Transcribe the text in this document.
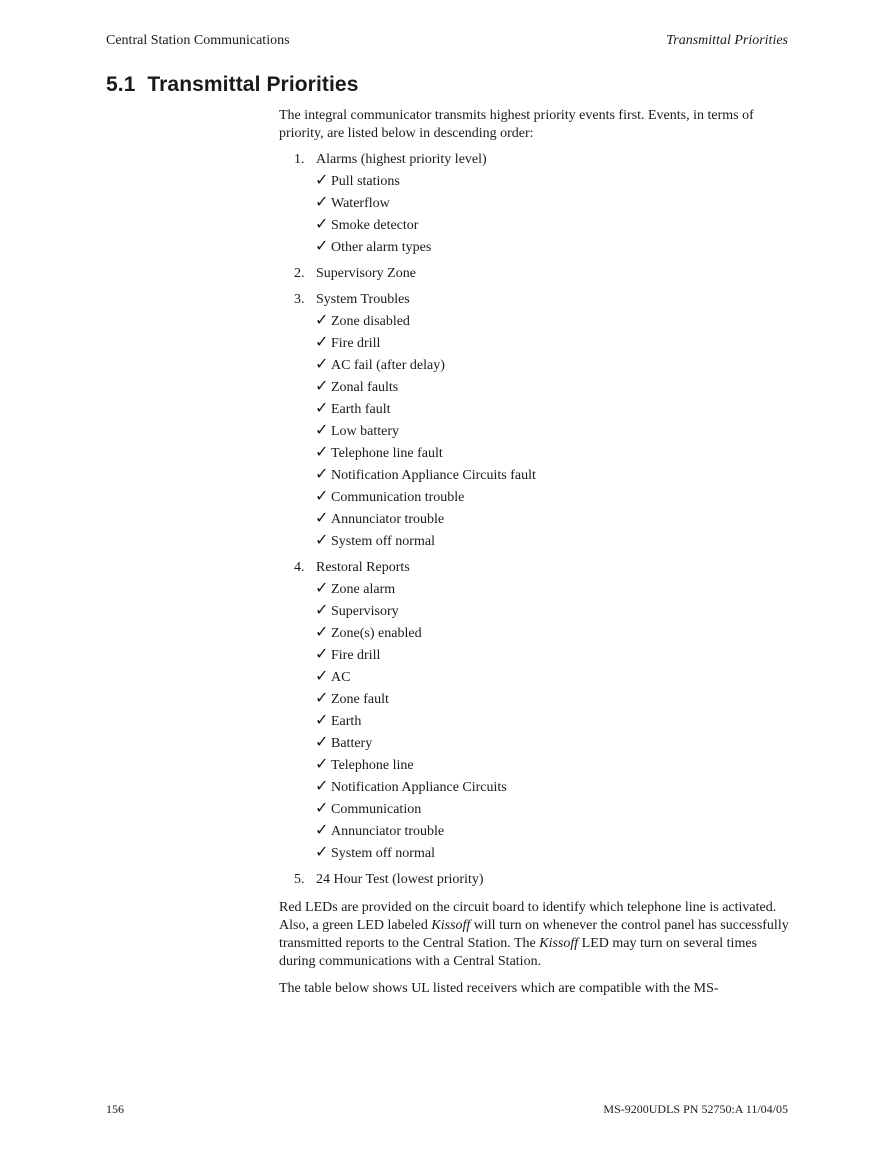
Central Station Communications	Transmittal Priorities
5.1 Transmittal Priorities

The integral communicator transmits highest priority events first. Events, in terms of priority, are listed below in descending order:

1. Alarms (highest priority level)
✓ Pull stations
✓ Waterflow
✓ Smoke detector
✓ Other alarm types
2. Supervisory Zone
3. System Troubles
✓ Zone disabled
✓ Fire drill
✓ AC fail (after delay)
✓ Zonal faults
✓ Earth fault
✓ Low battery
✓ Telephone line fault
✓ Notification Appliance Circuits fault
✓ Communication trouble
✓ Annunciator trouble
✓ System off normal
4. Restoral Reports
✓ Zone alarm
✓ Supervisory
✓ Zone(s) enabled
✓ Fire drill
✓ AC
✓ Zone fault
✓ Earth
✓ Battery
✓ Telephone line
✓ Notification Appliance Circuits
✓ Communication
✓ Annunciator trouble
✓ System off normal
5. 24 Hour Test (lowest priority)

Red LEDs are provided on the circuit board to identify which telephone line is activated. Also, a green LED labeled Kissoff will turn on whenever the control panel has successfully transmitted reports to the Central Station. The Kissoff LED may turn on several times during communications with a Central Station.

The table below shows UL listed receivers which are compatible with the MS-

156	MS-9200UDLS PN 52750:A 11/04/05
